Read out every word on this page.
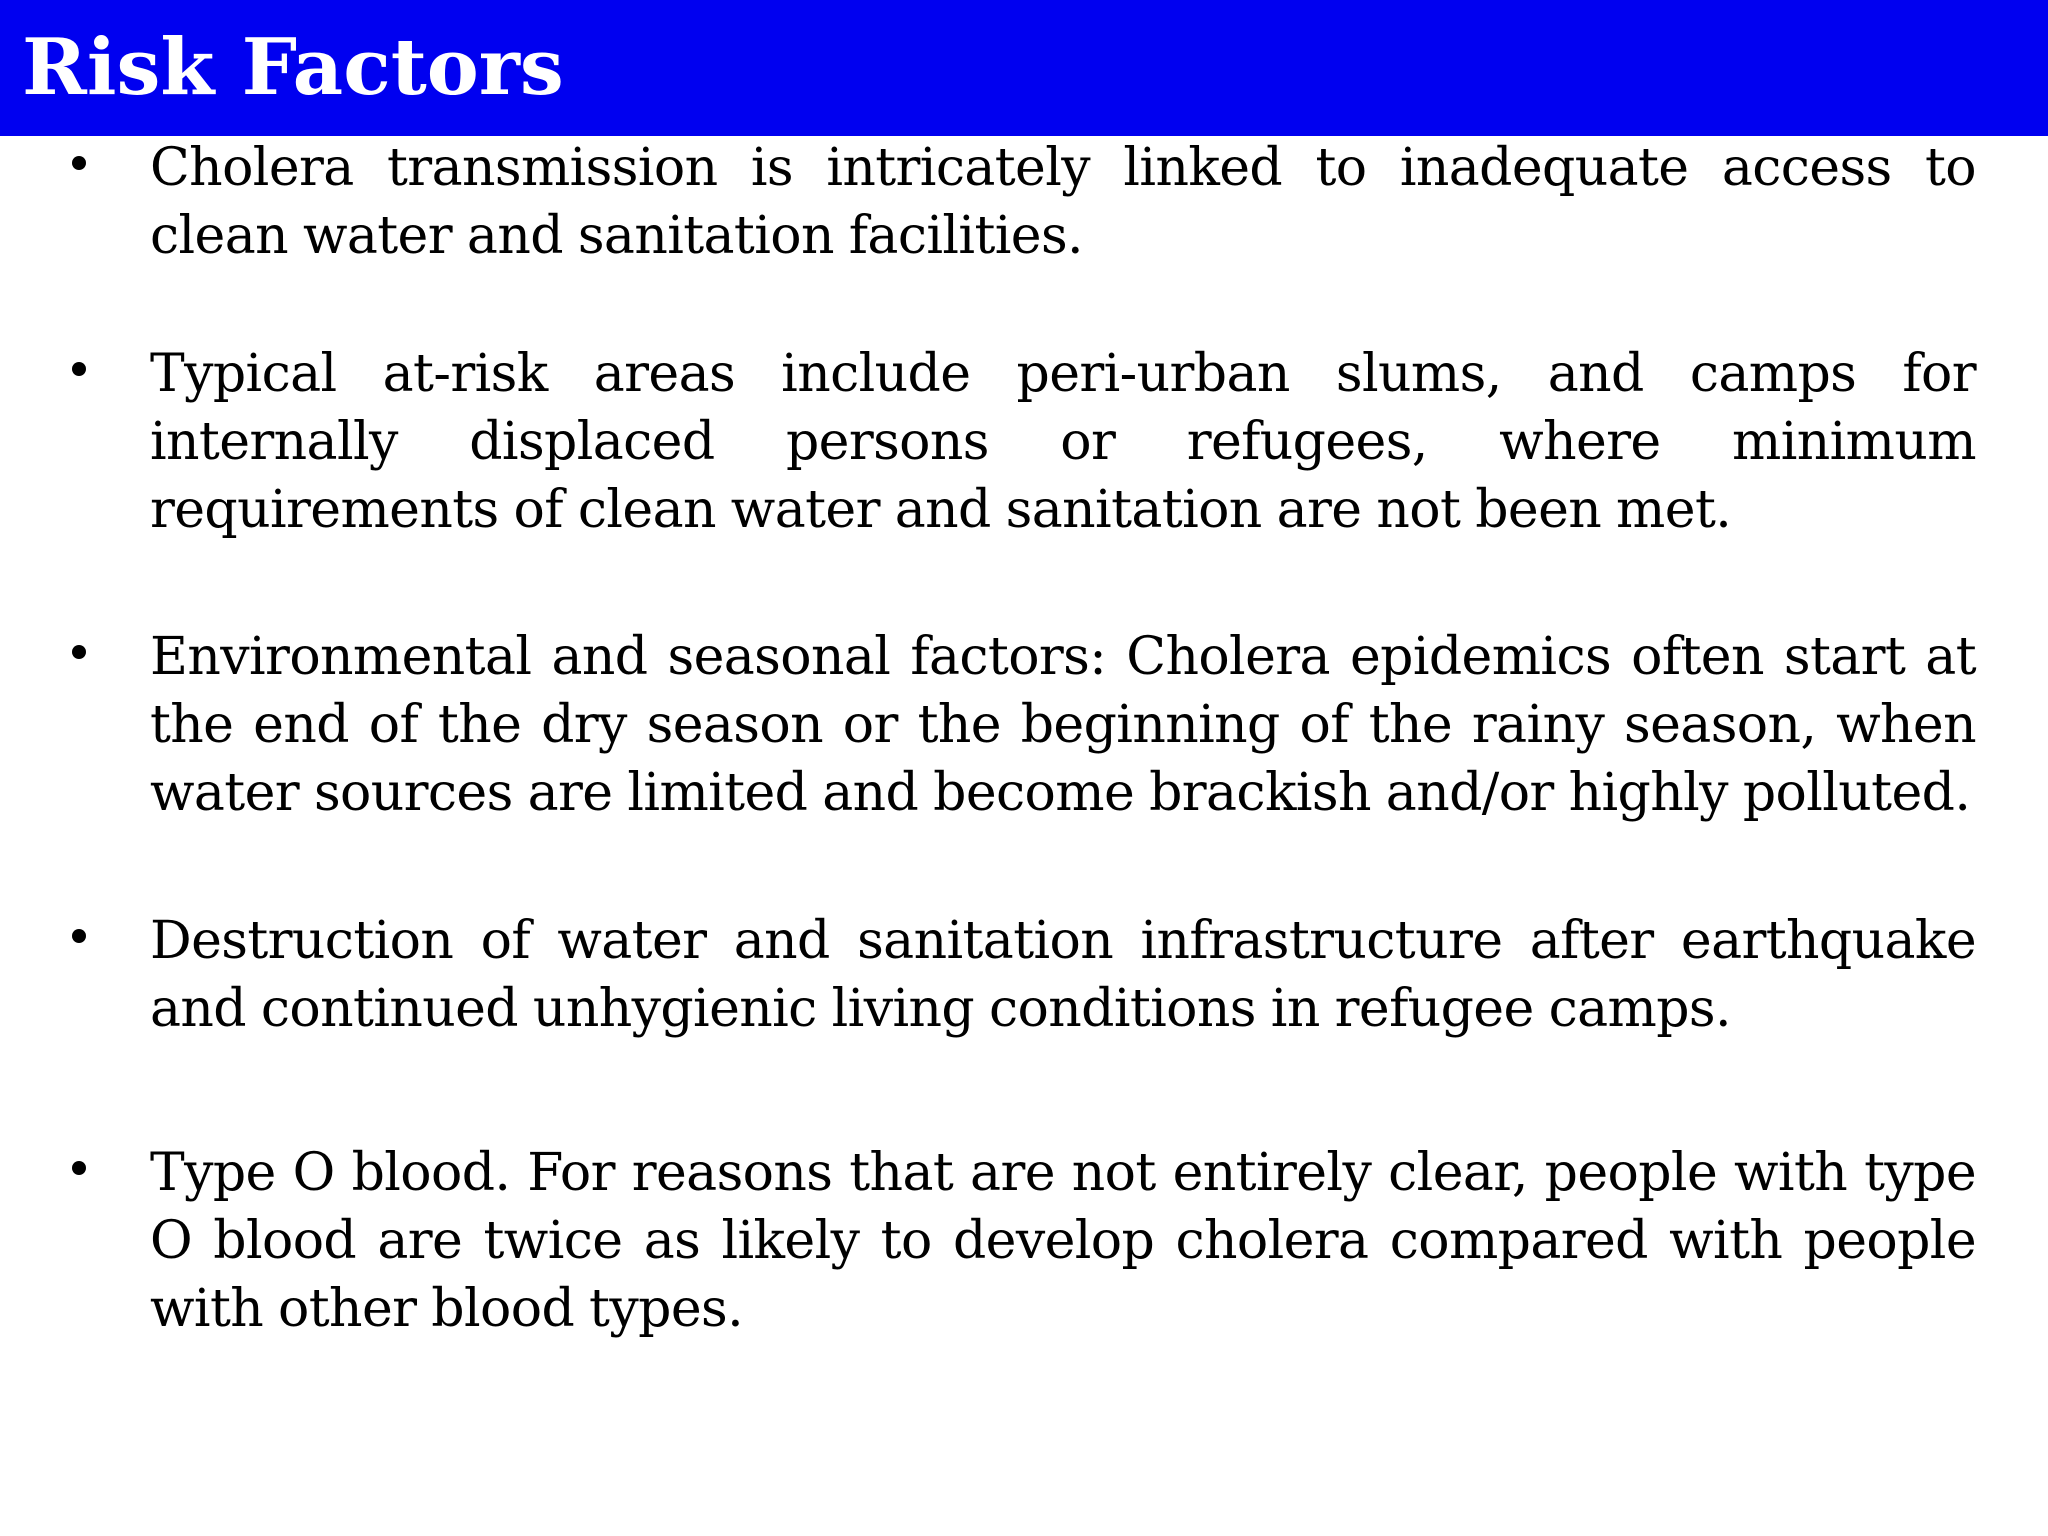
Risk Factors

Cholera transmission is intricately linked to inadequate access to clean water and sanitation facilities.

Typical at-risk areas include peri-urban slums, and camps for internally displaced persons or refugees, where minimum requirements of clean water and sanitation are not been met.

Environmental and seasonal factors: Cholera epidemics often start at the end of the dry season or the beginning of the rainy season, when water sources are limited and become brackish and/or highly polluted.

Destruction of water and sanitation infrastructure after earthquake and continued unhygienic living conditions in refugee camps.

Type O blood. For reasons that are not entirely clear, people with type O blood are twice as likely to develop cholera compared with people with other blood types.
